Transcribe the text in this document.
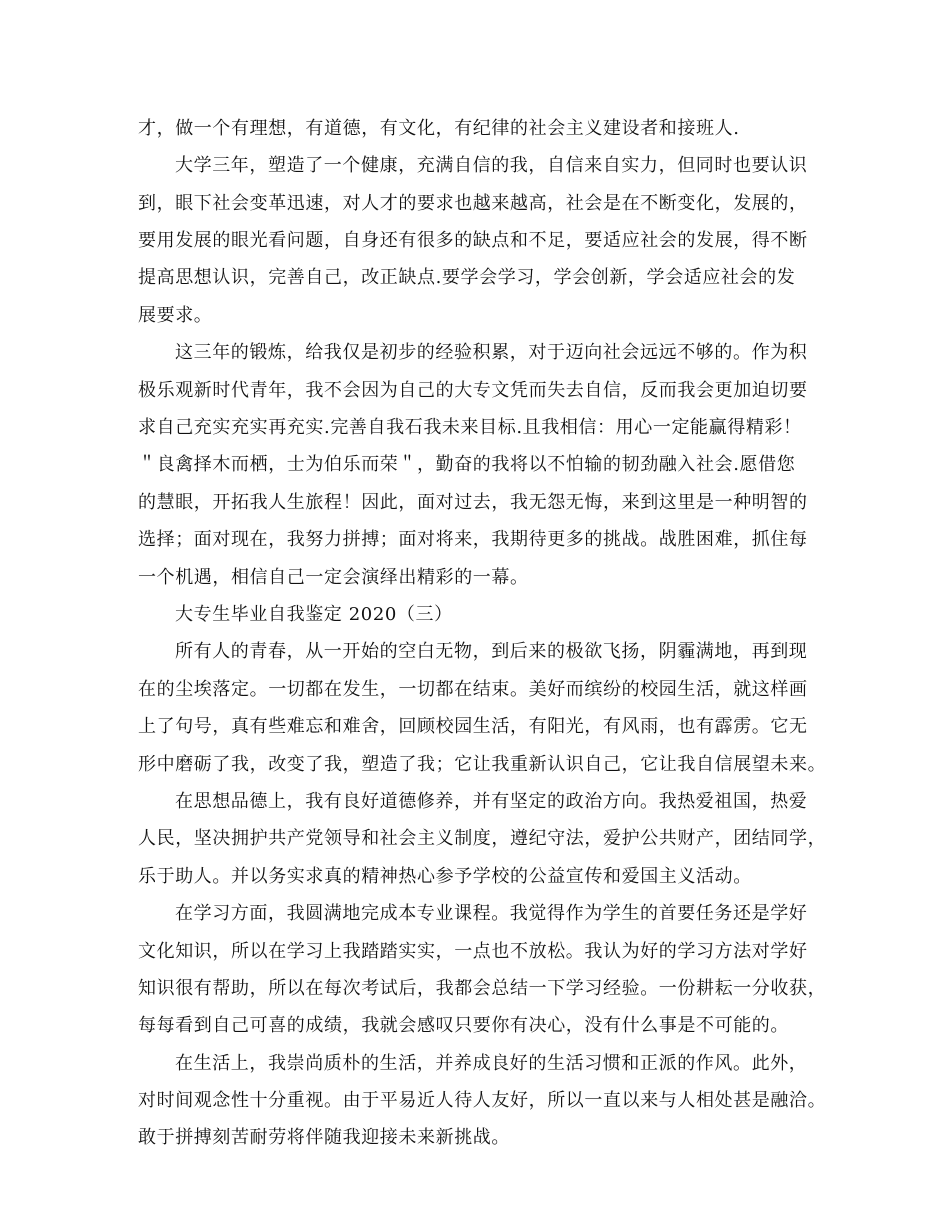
才，做一个有理想，有道德，有文化，有纪律的社会主义建设者和接班人.
大学三年，塑造了一个健康，充满自信的我，自信来自实力，但同时也要认识
到，眼下社会变革迅速，对人才的要求也越来越高，社会是在不断变化，发展的，
要用发展的眼光看问题，自身还有很多的缺点和不足，要适应社会的发展，得不断
提高思想认识，完善自己，改正缺点.要学会学习，学会创新，学会适应社会的发
展要求。
这三年的锻炼，给我仅是初步的经验积累，对于迈向社会远远不够的。作为积
极乐观新时代青年，我不会因为自己的大专文凭而失去自信，反而我会更加迫切要
求自己充实充实再充实.完善自我石我未来目标.且我相信：用心一定能赢得精彩！
＂良禽择木而栖，士为伯乐而荣＂，勤奋的我将以不怕输的韧劲融入社会.愿借您
的慧眼，开拓我人生旅程！因此，面对过去，我无怨无悔，来到这里是一种明智的
选择；面对现在，我努力拼搏；面对将来，我期待更多的挑战。战胜困难，抓住每
一个机遇，相信自己一定会演绎出精彩的一幕。
大专生毕业自我鉴定 2020（三）
所有人的青春，从一开始的空白无物，到后来的极欲飞扬，阴霾满地，再到现
在的尘埃落定。一切都在发生，一切都在结束。美好而缤纷的校园生活，就这样画
上了句号，真有些难忘和难舍，回顾校园生活，有阳光，有风雨，也有霹雳。它无
形中磨砺了我，改变了我，塑造了我；它让我重新认识自己，它让我自信展望未来。
在思想品德上，我有良好道德修养，并有坚定的政治方向。我热爱祖国，热爱
人民，坚决拥护共产党领导和社会主义制度，遵纪守法，爱护公共财产，团结同学，
乐于助人。并以务实求真的精神热心参予学校的公益宣传和爱国主义活动。
在学习方面，我圆满地完成本专业课程。我觉得作为学生的首要任务还是学好
文化知识，所以在学习上我踏踏实实，一点也不放松。我认为好的学习方法对学好
知识很有帮助，所以在每次考试后，我都会总结一下学习经验。一份耕耘一分收获，
每每看到自己可喜的成绩，我就会感叹只要你有决心，没有什么事是不可能的。
在生活上，我崇尚质朴的生活，并养成良好的生活习惯和正派的作风。此外，
对时间观念性十分重视。由于平易近人待人友好，所以一直以来与人相处甚是融洽。
敢于拼搏刻苦耐劳将伴随我迎接未来新挑战。
